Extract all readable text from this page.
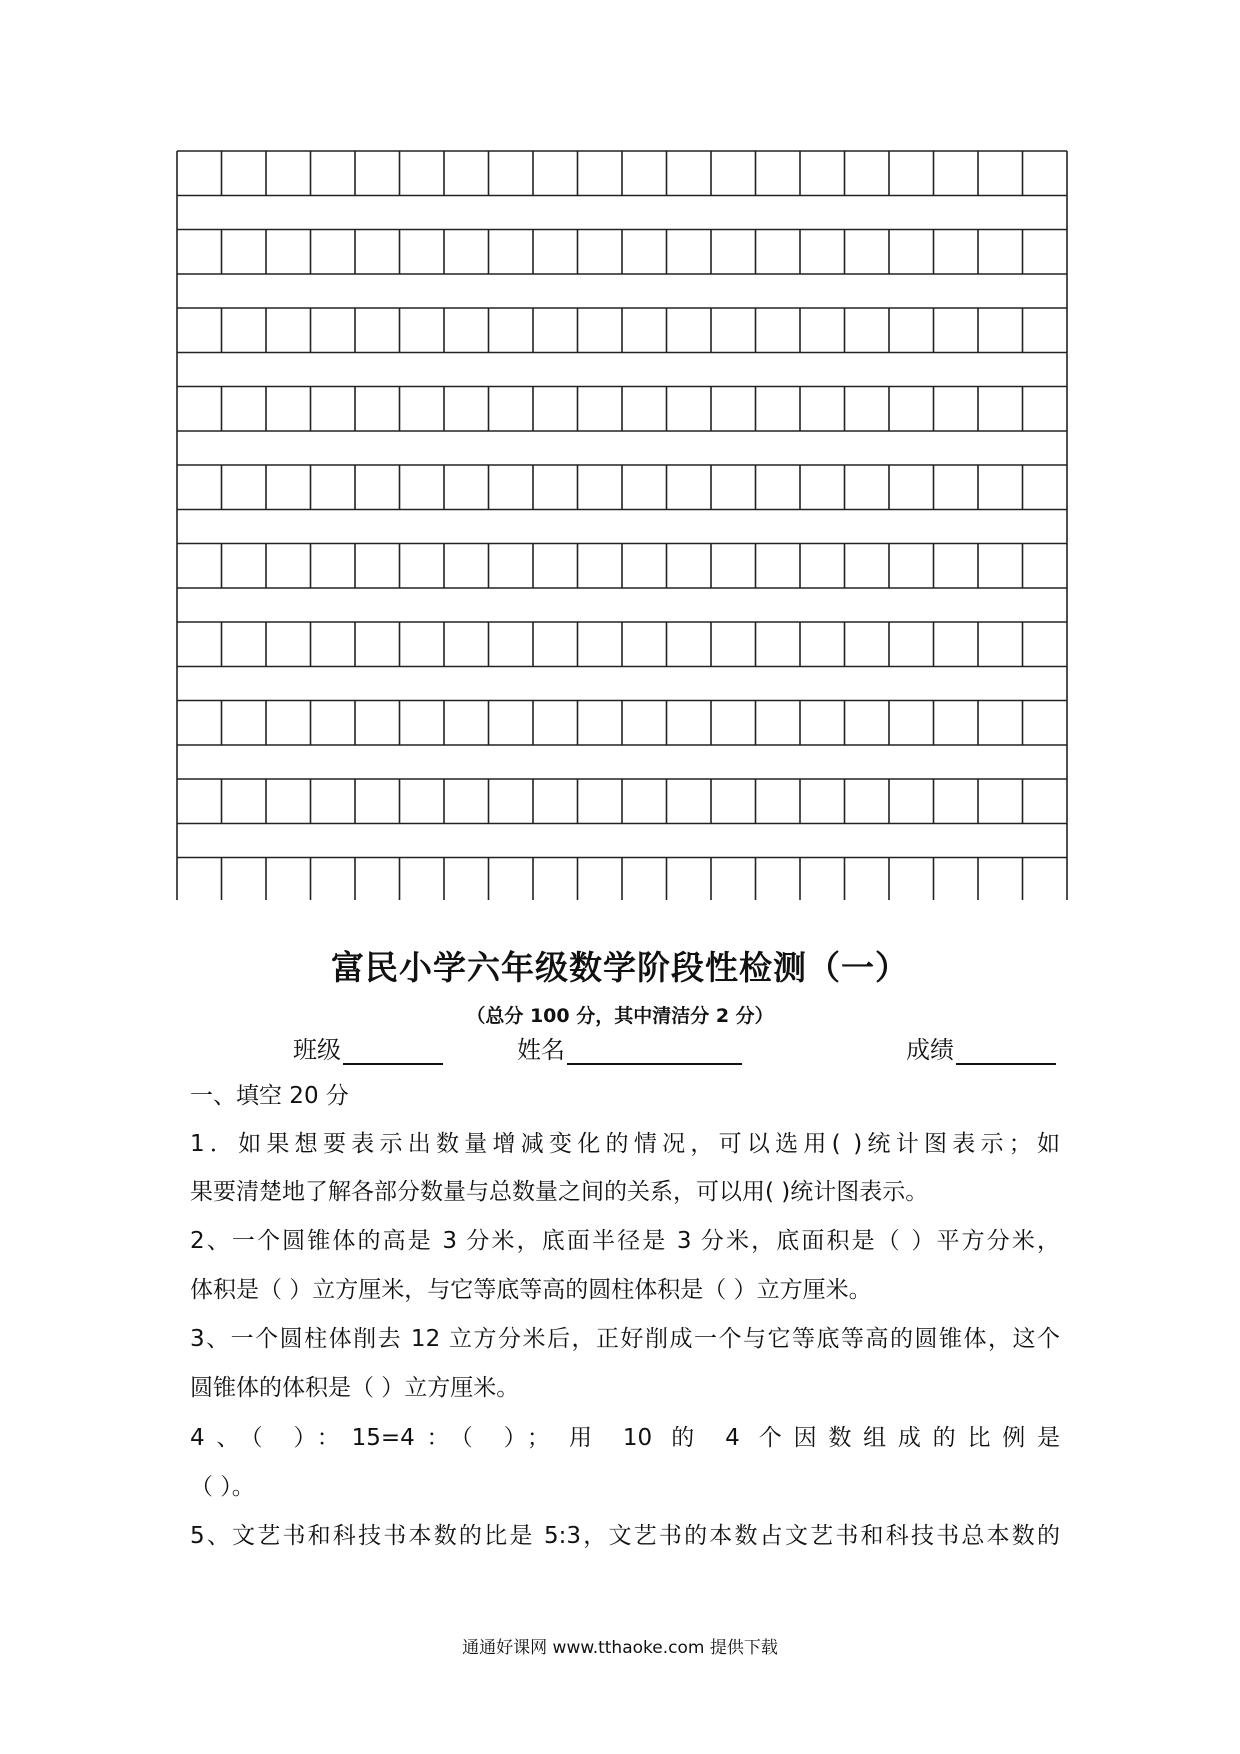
富民小学六年级数学阶段性检测（一）
（总分 100 分，其中清洁分 2 分）
班级	姓名	成绩
一、填空 20 分
1．如果想要表示出数量增减变化的情况，可以选用( )统计图表示；如
果要清楚地了解各部分数量与总数量之间的关系，可以用( )统计图表示。
2、一个圆锥体的高是 3 分米，底面半径是 3 分米，底面积是（ ）平方分米，
体积是（ ）立方厘米，与它等底等高的圆柱体积是（ ）立方厘米。
3、一个圆柱体削去 12 立方分米后，正好削成一个与它等底等高的圆锥体，这个
圆锥体的体积是（ ）立方厘米。
4、（ ）：15=4：（ ）； 用 10 的 4 个因数组成的比例是
（ ）。
5、文艺书和科技书本数的比是 5:3，文艺书的本数占文艺书和科技书总本数的
通通好课网 www.tthaoke.com 提供下载
